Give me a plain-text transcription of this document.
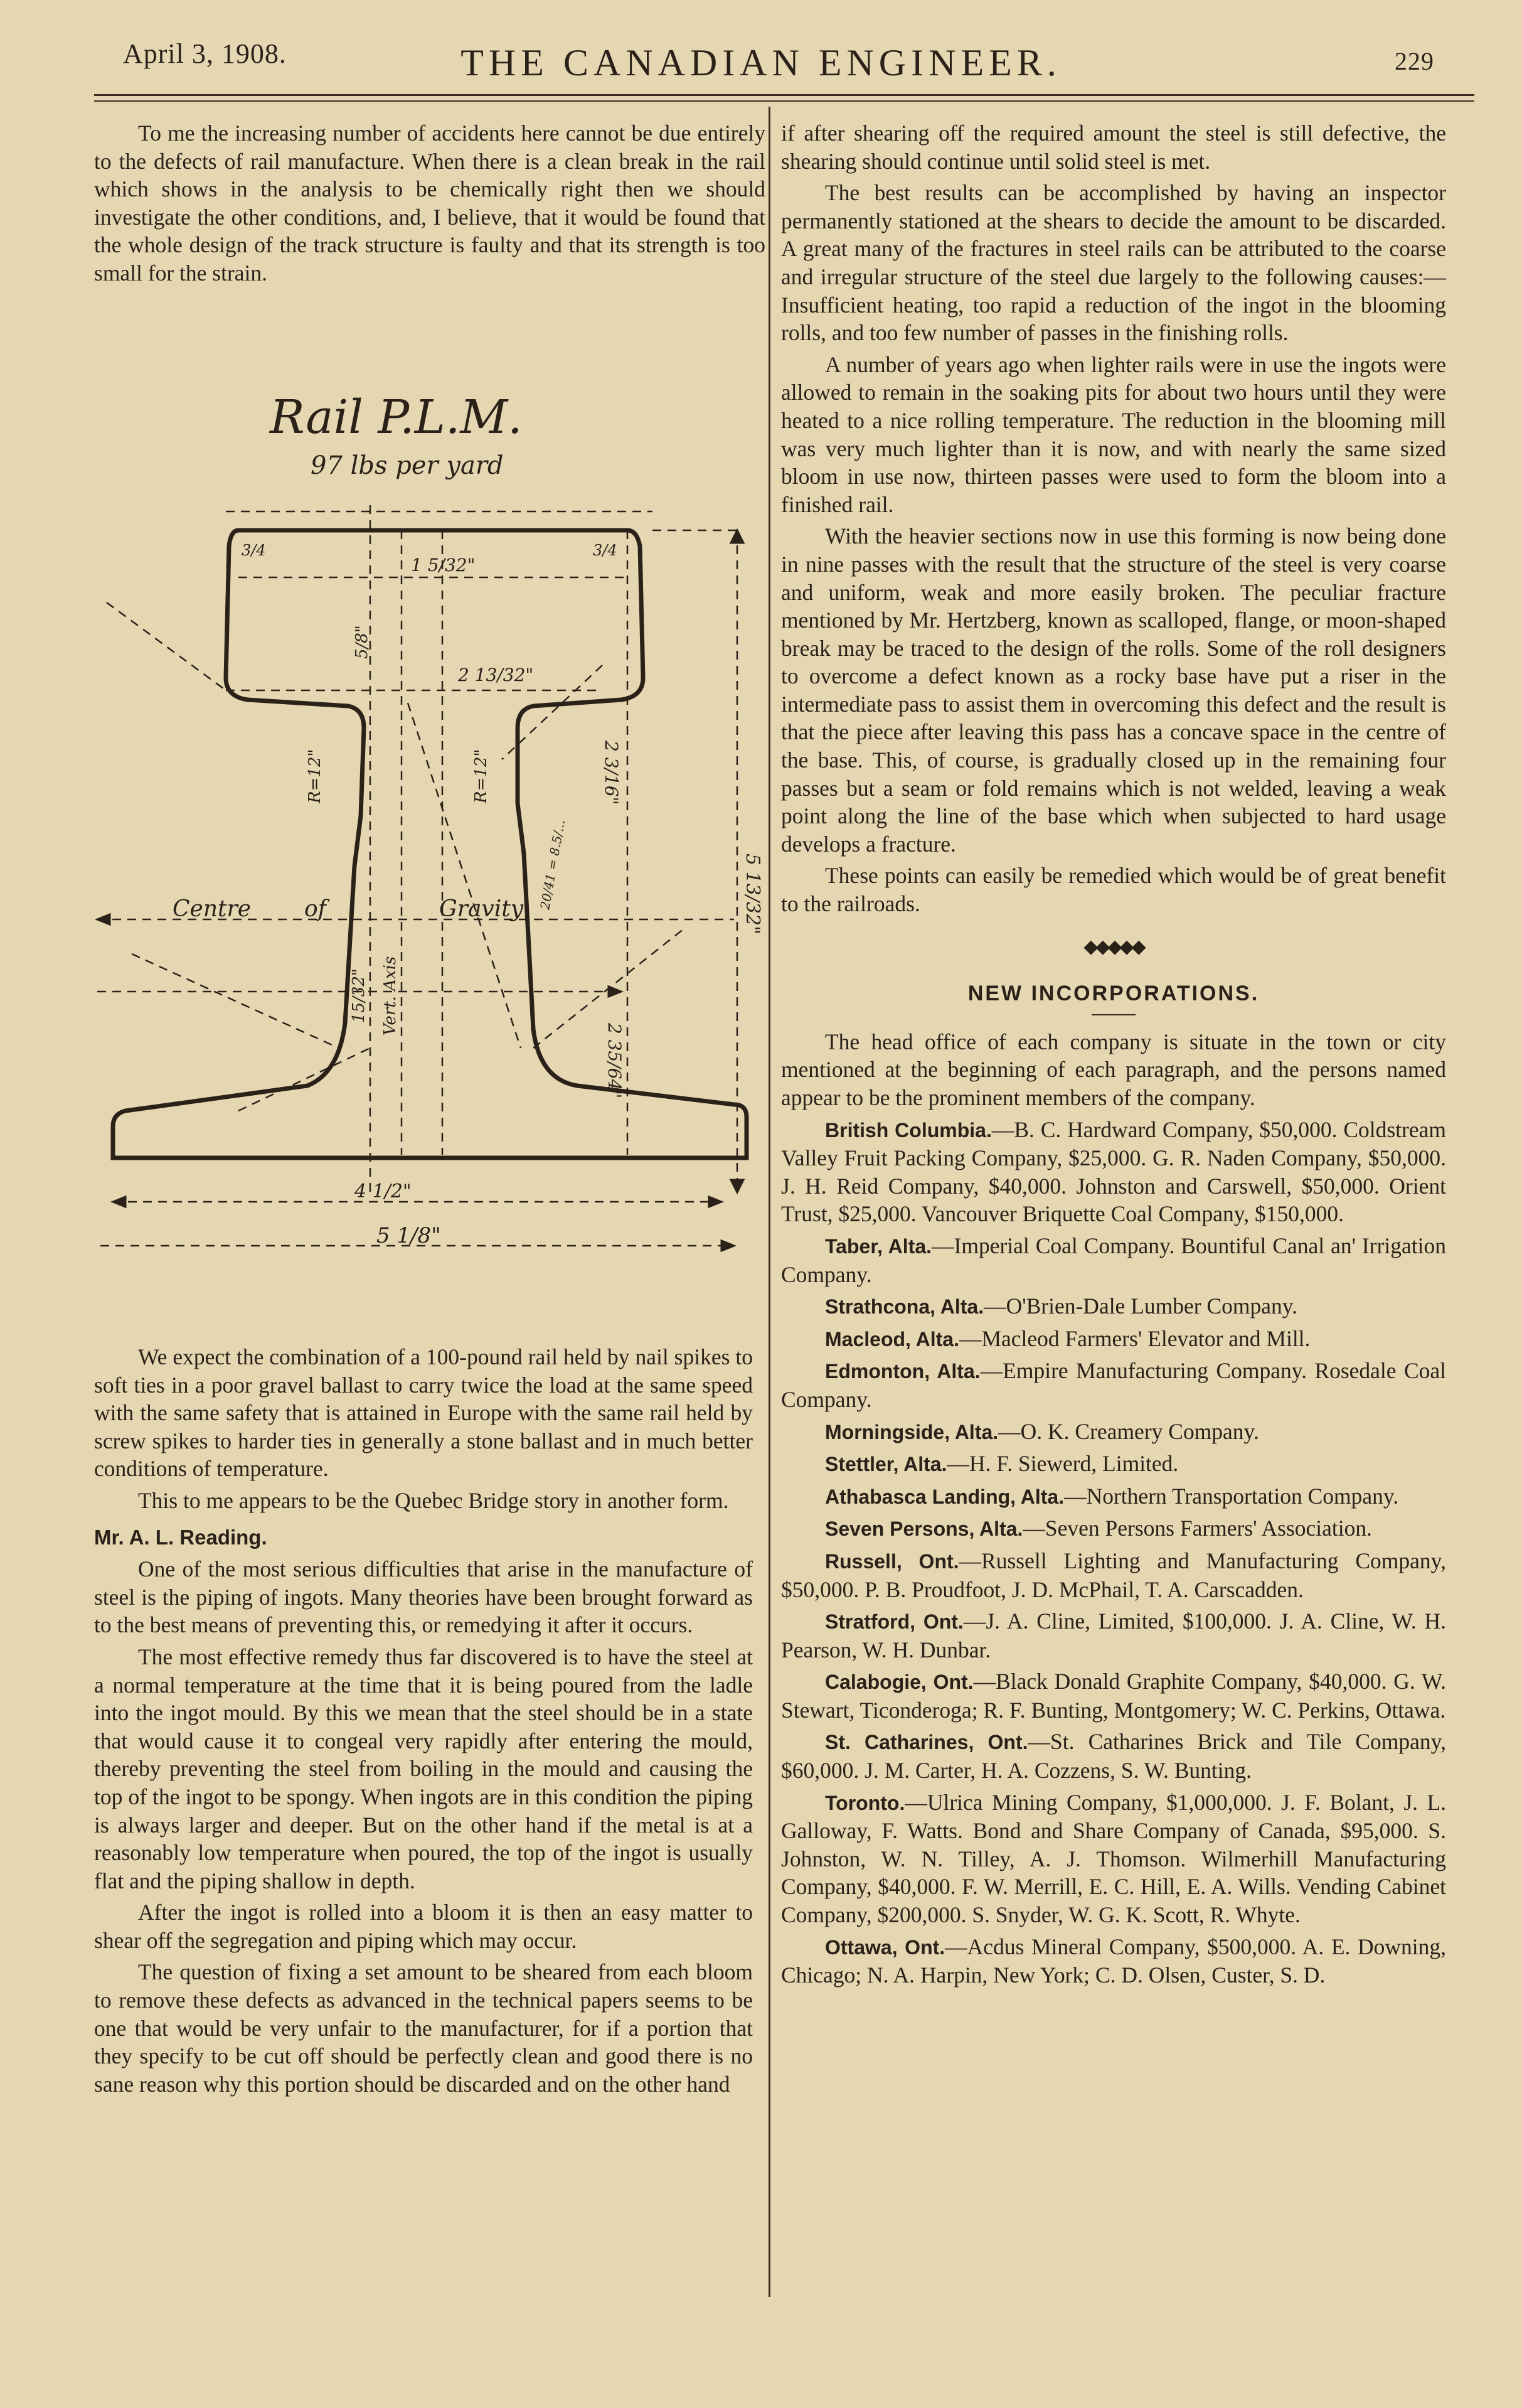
April 3, 1908.	THE CANADIAN ENGINEER.	229

To me the increasing number of accidents here cannot be due entirely to the defects of rail manufacture. When there is a clean break in the rail which shows in the analysis to be chemically right then we should investigate the other conditions, and, I believe, that it would be found that the whole design of the track structure is faulty and that its strength is too small for the strain.

Rail P.L.M.
97 lbs per yard
Centre of	Gravity
1 5/32"
2 13/32"
4 1/2"
5 1/8"
5 13/32"
2 3/16"
2 35/64"
R=12"	R=12"
Vert. Axis
15/32"
5/8"
3/4	3/4
20/41 = 8.5/...

We expect the combination of a 100-pound rail held by nail spikes to soft ties in a poor gravel ballast to carry twice the load at the same speed with the same safety that is attained in Europe with the same rail held by screw spikes to harder ties in generally a stone ballast and in much better conditions of temperature.

This to me appears to be the Quebec Bridge story in another form.

Mr. A. L. Reading.

One of the most serious difficulties that arise in the manufacture of steel is the piping of ingots. Many theories have been brought forward as to the best means of preventing this, or remedying it after it occurs.

The most effective remedy thus far discovered is to have the steel at a normal temperature at the time that it is being poured from the ladle into the ingot mould. By this we mean that the steel should be in a state that would cause it to congeal very rapidly after entering the mould, thereby preventing the steel from boiling in the mould and causing the top of the ingot to be spongy. When ingots are in this condition the piping is always larger and deeper. But on the other hand if the metal is at a reasonably low temperature when poured, the top of the ingot is usually flat and the piping shallow in depth.

After the ingot is rolled into a bloom it is then an easy matter to shear off the segregation and piping which may occur.

The question of fixing a set amount to be sheared from each bloom to remove these defects as advanced in the technical papers seems to be one that would be very unfair to the manufacturer, for if a portion that they specify to be cut off should be perfectly clean and good there is no sane reason why this portion should be discarded and on the other hand

if after shearing off the required amount the steel is still defective, the shearing should continue until solid steel is met.

The best results can be accomplished by having an inspector permanently stationed at the shears to decide the amount to be discarded. A great many of the fractures in steel rails can be attributed to the coarse and irregular structure of the steel due largely to the following causes:—Insufficient heating, too rapid a reduction of the ingot in the blooming rolls, and too few number of passes in the finishing rolls.

A number of years ago when lighter rails were in use the ingots were allowed to remain in the soaking pits for about two hours until they were heated to a nice rolling temperature. The reduction in the blooming mill was very much lighter than it is now, and with nearly the same sized bloom in use now, thirteen passes were used to form the bloom into a finished rail.

With the heavier sections now in use this forming is now being done in nine passes with the result that the structure of the steel is very coarse and uniform, weak and more easily broken. The peculiar fracture mentioned by Mr. Hertzberg, known as scalloped, flange, or moon-shaped break may be traced to the design of the rolls. Some of the roll designers to overcome a defect known as a rocky base have put a riser in the intermediate pass to assist them in overcoming this defect and the result is that the piece after leaving this pass has a concave space in the centre of the base. This, of course, is gradually closed up in the remaining four passes but a seam or fold remains which is not welded, leaving a weak point along the line of the base which when subjected to hard usage develops a fracture.

These points can easily be remedied which would be of great benefit to the railroads.

◆◆◆◆◆
NEW INCORPORATIONS.

The head office of each company is situate in the town or city mentioned at the beginning of each paragraph, and the persons named appear to be the prominent members of the company.

British Columbia.—B. C. Hardward Company, $50,000. Coldstream Valley Fruit Packing Company, $25,000. G. R. Naden Company, $50,000. J. H. Reid Company, $40,000. Johnston and Carswell, $50,000. Orient Trust, $25,000. Vancouver Briquette Coal Company, $150,000.

Taber, Alta.—Imperial Coal Company. Bountiful Canal an' Irrigation Company.

Strathcona, Alta.—O'Brien-Dale Lumber Company.

Macleod, Alta.—Macleod Farmers' Elevator and Mill.

Edmonton, Alta.—Empire Manufacturing Company. Rosedale Coal Company.

Morningside, Alta.—O. K. Creamery Company.

Stettler, Alta.—H. F. Siewerd, Limited.

Athabasca Landing, Alta.—Northern Transportation Company.

Seven Persons, Alta.—Seven Persons Farmers' Association.

Russell, Ont.—Russell Lighting and Manufacturing Company, $50,000. P. B. Proudfoot, J. D. McPhail, T. A. Carscadden.

Stratford, Ont.—J. A. Cline, Limited, $100,000. J. A. Cline, W. H. Pearson, W. H. Dunbar.

Calabogie, Ont.—Black Donald Graphite Company, $40,000. G. W. Stewart, Ticonderoga; R. F. Bunting, Montgomery; W. C. Perkins, Ottawa.

St. Catharines, Ont.—St. Catharines Brick and Tile Company, $60,000. J. M. Carter, H. A. Cozzens, S. W. Bunting.

Toronto.—Ulrica Mining Company, $1,000,000. J. F. Bolant, J. L. Galloway, F. Watts. Bond and Share Company of Canada, $95,000. S. Johnston, W. N. Tilley, A. J. Thomson. Wilmerhill Manufacturing Company, $40,000. F. W. Merrill, E. C. Hill, E. A. Wills. Vending Cabinet Company, $200,000. S. Snyder, W. G. K. Scott, R. Whyte.

Ottawa, Ont.—Acdus Mineral Company, $500,000. A. E. Downing, Chicago; N. A. Harpin, New York; C. D. Olsen, Custer, S. D.
